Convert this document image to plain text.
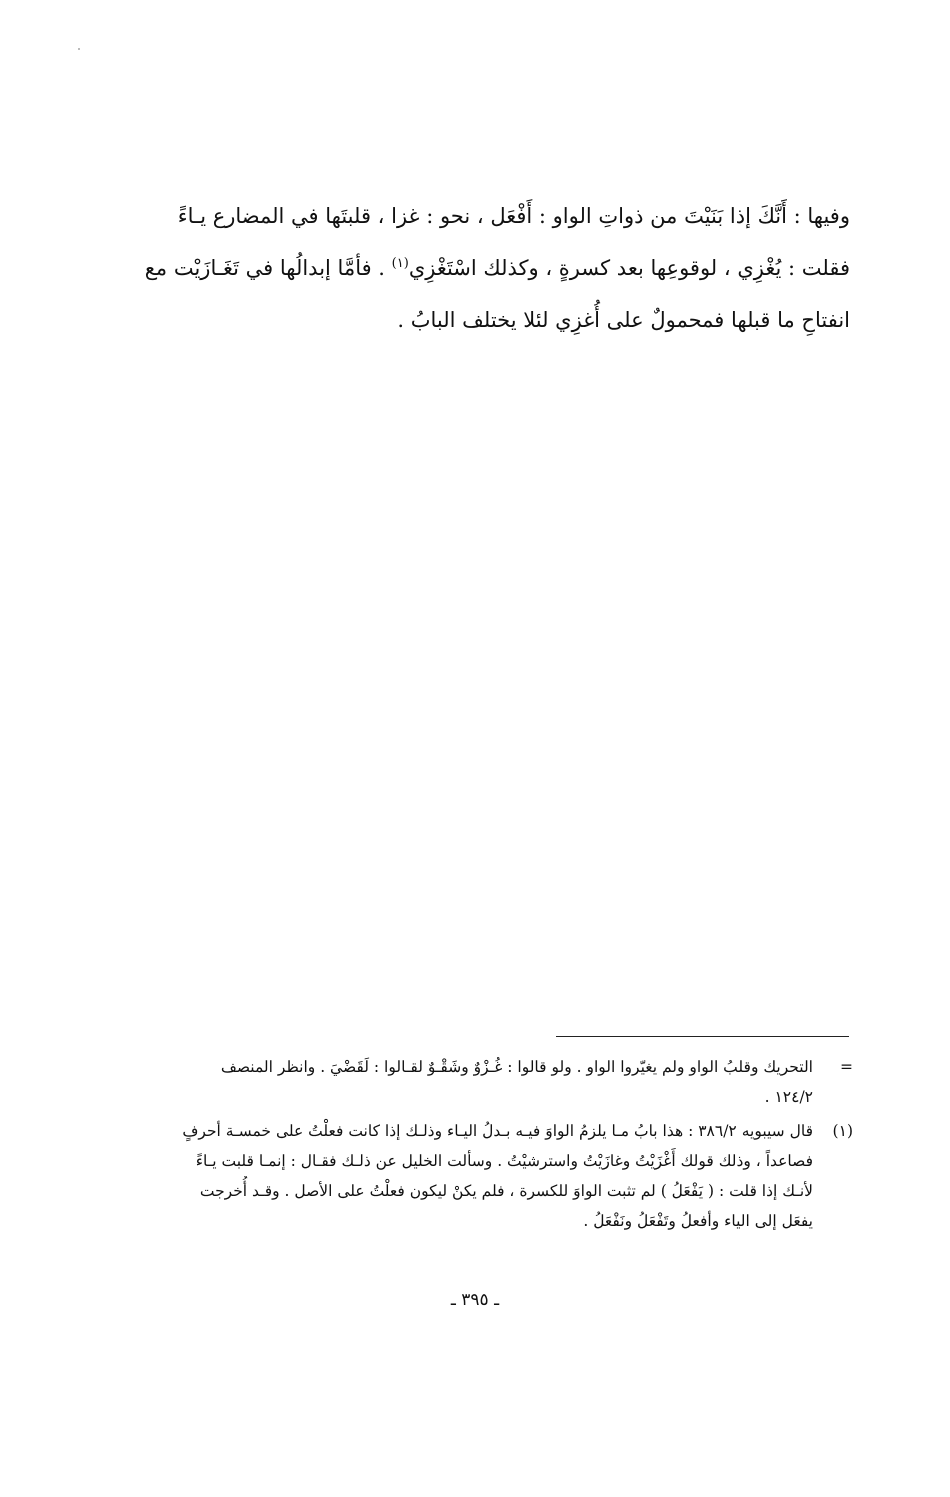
وفيها : أَنَّكَ إذا بَنَيْتَ من ذواتِ الواو : أَفْعَل ، نحو : غزا ، قلبتَها في المضارع يـاءً
فقلت : يُغْزِي ، لوقوعِها بعد كسرةٍ ، وكذلك اسْتَغْزِي$^{(١)}$ . فأمَّا إبدالُها في تَغَـازَيْت مع
انفتاحِ ما قبلها فمحمولٌ على أُغزِي لئلا يختلف البابُ .
=
التحريك وقلبُ الواو ولم يغيّروا الواو . ولو قالوا : غُـزْوٌ وشَقْـوٌ لقـالوا : لَقَضْيَ . وانظر المنصف
١٢٤/٢ .
(١)
قال سيبويه ٣٨٦/٢ : هذا بابُ مـا يلزمُ الواوَ فيـه بـدلُ اليـاء وذلـك إذا كانت فعلْتُ على خمسـة أحرفٍ
فصاعداً ، وذلك قولك أَغْزَيْتُ وغازَيْتُ واسترشيْتُ . وسألت الخليل عن ذلـك فقـال : إنمـا قلبت يـاءً
لأنـك إذا قلت : ( يَفْعَلُ ) لم تثبت الواوَ للكسرة ، فلم يكنْ ليكون فعلْتُ على الأصل . وقـد أُخرجت
يفعَل إلى الياء وأفعلُ وتَفْعَلُ ونَفْعَلُ .
ـ ٣٩٥ ـ
